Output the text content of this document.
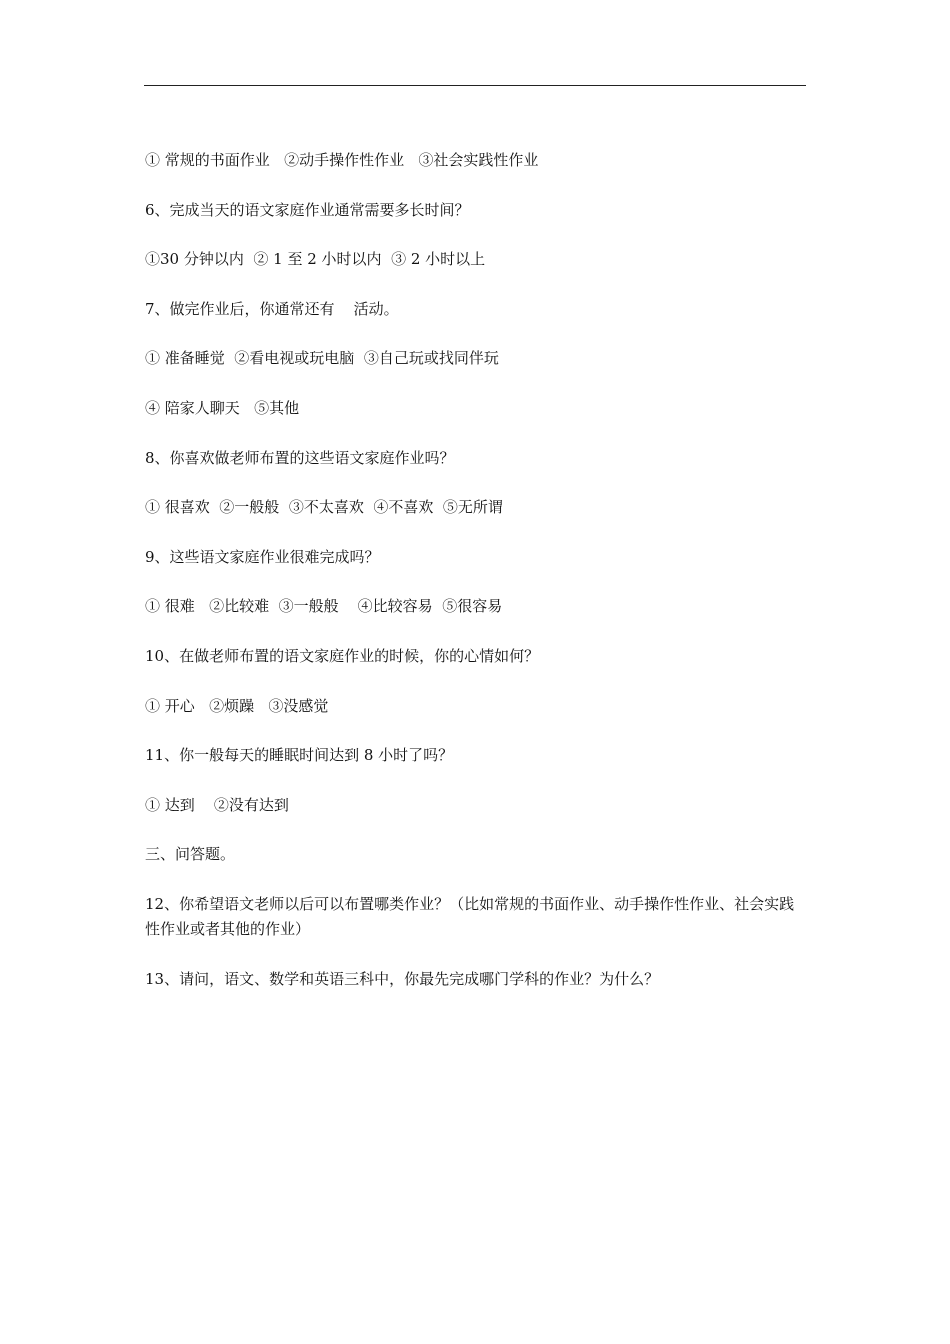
① 常规的书面作业   ②动手操作性作业   ③社会实践性作业

6、完成当天的语文家庭作业通常需要多长时间？

①30 分钟以内  ② 1 至 2 小时以内  ③ 2 小时以上

7、做完作业后，你通常还有    活动。

① 准备睡觉  ②看电视或玩电脑  ③自己玩或找同伴玩

④ 陪家人聊天   ⑤其他

8、你喜欢做老师布置的这些语文家庭作业吗？

① 很喜欢  ②一般般  ③不太喜欢  ④不喜欢  ⑤无所谓

9、这些语文家庭作业很难完成吗？

① 很难   ②比较难  ③一般般    ④比较容易  ⑤很容易

10、在做老师布置的语文家庭作业的时候，你的心情如何？

① 开心   ②烦躁   ③没感觉

11、你一般每天的睡眠时间达到 8 小时了吗？

① 达到    ②没有达到

三、问答题。

12、你希望语文老师以后可以布置哪类作业？（比如常规的书面作业、动手操作性作业、社会实践性作业或者其他的作业）

13、请问，语文、数学和英语三科中，你最先完成哪门学科的作业？为什么？
